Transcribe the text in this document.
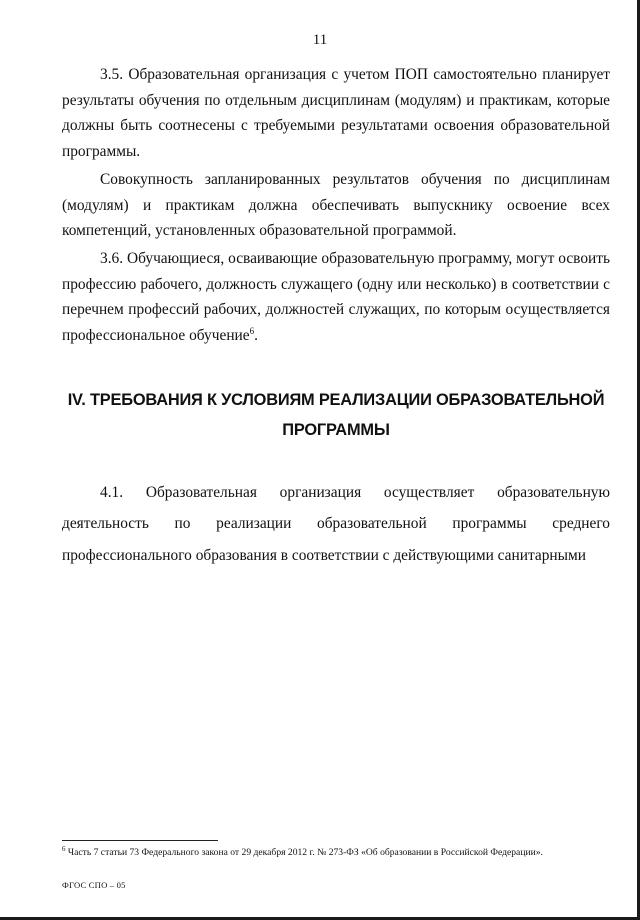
11

3.5. Образовательная организация с учетом ПОП самостоятельно планирует результаты обучения по отдельным дисциплинам (модулям) и практикам, которые должны быть соотнесены с требуемыми результатами освоения образовательной программы.

Совокупность запланированных результатов обучения по дисциплинам (модулям) и практикам должна обеспечивать выпускнику освоение всех компетенций, установленных образовательной программой.

3.6. Обучающиеся, осваивающие образовательную программу, могут освоить профессию рабочего, должность служащего (одну или несколько) в соответствии с перечнем профессий рабочих, должностей служащих, по которым осуществляется профессиональное обучение$^6$.

IV. ТРЕБОВАНИЯ К УСЛОВИЯМ РЕАЛИЗАЦИИ ОБРАЗОВАТЕЛЬНОЙ ПРОГРАММЫ

4.1. Образовательная организация осуществляет образовательную деятельность по реализации образовательной программы среднего профессионального образования в соответствии с действующими санитарными

$^6$ Часть 7 статьи 73 Федерального закона от 29 декабря 2012 г. № 273-ФЗ «Об образовании в Российской Федерации».
ФГОС СПО – 05
